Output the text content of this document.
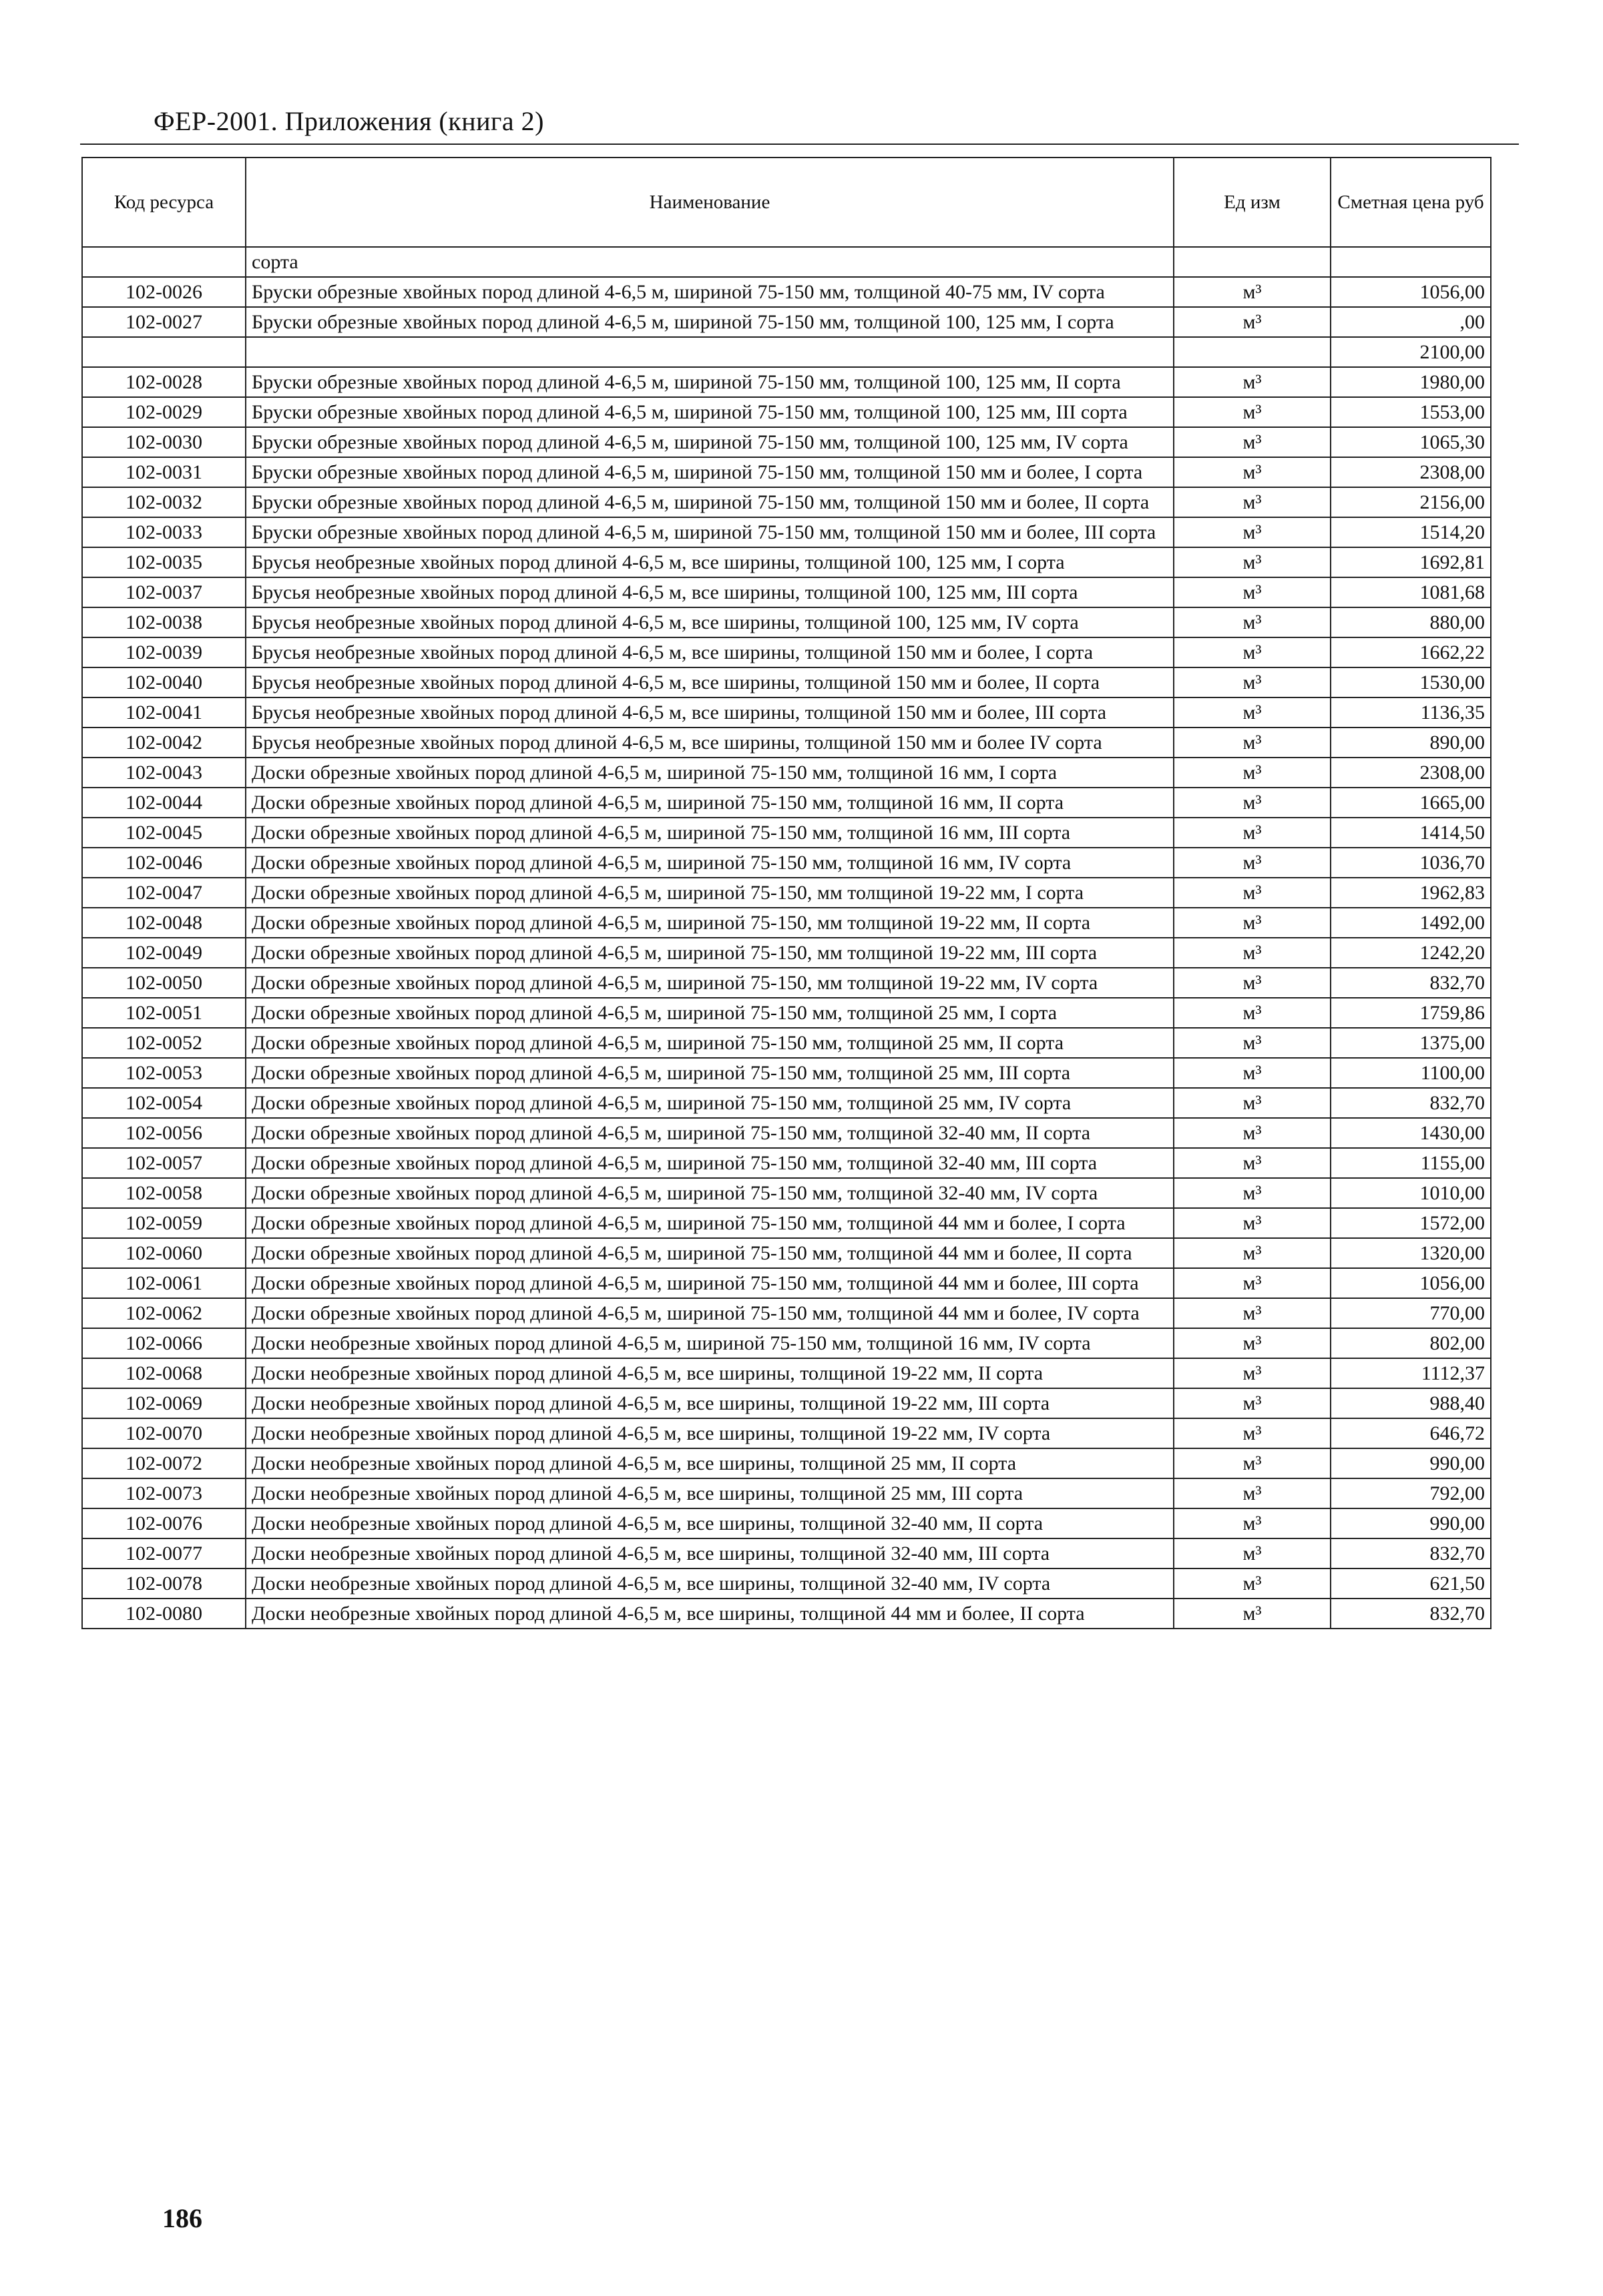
ФЕР-2001. Приложения (книга 2)
Код ресурса	Наименование	Ед изм	Сметная цена руб
	сорта		
102-0026	Бруски обрезные хвойных пород длиной 4-6,5 м, шириной 75-150 мм, толщиной 40-75 мм, IV сорта	м³	1056,00
102-0027	Бруски обрезные хвойных пород длиной 4-6,5 м, шириной 75-150 мм, толщиной 100, 125 мм, I сорта	м³	,00
			2100,00
102-0028	Бруски обрезные хвойных пород длиной 4-6,5 м, шириной 75-150 мм, толщиной 100, 125 мм, II сорта	м³	1980,00
102-0029	Бруски обрезные хвойных пород длиной 4-6,5 м, шириной 75-150 мм, толщиной 100, 125 мм, III сорта	м³	1553,00
102-0030	Бруски обрезные хвойных пород длиной 4-6,5 м, шириной 75-150 мм, толщиной 100, 125 мм, IV сорта	м³	1065,30
102-0031	Бруски обрезные хвойных пород длиной 4-6,5 м, шириной 75-150 мм, толщиной 150 мм и более, I сорта	м³	2308,00
102-0032	Бруски обрезные хвойных пород длиной 4-6,5 м, шириной 75-150 мм, толщиной 150 мм и более, II сорта	м³	2156,00
102-0033	Бруски обрезные хвойных пород длиной 4-6,5 м, шириной 75-150 мм, толщиной 150 мм и более, III сорта	м³	1514,20
102-0035	Брусья необрезные хвойных пород длиной 4-6,5 м, все ширины, толщиной 100, 125 мм, I сорта	м³	1692,81
102-0037	Брусья необрезные хвойных пород длиной 4-6,5 м, все ширины, толщиной 100, 125 мм, III сорта	м³	1081,68
102-0038	Брусья необрезные хвойных пород длиной 4-6,5 м, все ширины, толщиной 100, 125 мм, IV сорта	м³	880,00
102-0039	Брусья необрезные хвойных пород длиной 4-6,5 м, все ширины, толщиной 150 мм и более, I сорта	м³	1662,22
102-0040	Брусья необрезные хвойных пород длиной 4-6,5 м, все ширины, толщиной 150 мм и более, II сорта	м³	1530,00
102-0041	Брусья необрезные хвойных пород длиной 4-6,5 м, все ширины, толщиной 150 мм и более, III сорта	м³	1136,35
102-0042	Брусья необрезные хвойных пород длиной 4-6,5 м, все ширины, толщиной 150 мм и более IV сорта	м³	890,00
102-0043	Доски обрезные хвойных пород длиной 4-6,5 м, шириной 75-150 мм, толщиной 16 мм, I сорта	м³	2308,00
102-0044	Доски обрезные хвойных пород длиной 4-6,5 м, шириной 75-150 мм, толщиной 16 мм, II сорта	м³	1665,00
102-0045	Доски обрезные хвойных пород длиной 4-6,5 м, шириной 75-150 мм, толщиной 16 мм, III сорта	м³	1414,50
102-0046	Доски обрезные хвойных пород длиной 4-6,5 м, шириной 75-150 мм, толщиной 16 мм, IV сорта	м³	1036,70
102-0047	Доски обрезные хвойных пород длиной 4-6,5 м, шириной 75-150, мм толщиной 19-22 мм, I сорта	м³	1962,83
102-0048	Доски обрезные хвойных пород длиной 4-6,5 м, шириной 75-150, мм толщиной 19-22 мм, II сорта	м³	1492,00
102-0049	Доски обрезные хвойных пород длиной 4-6,5 м, шириной 75-150, мм толщиной 19-22 мм, III сорта	м³	1242,20
102-0050	Доски обрезные хвойных пород длиной 4-6,5 м, шириной 75-150, мм толщиной 19-22 мм, IV сорта	м³	832,70
102-0051	Доски обрезные хвойных пород длиной 4-6,5 м, шириной 75-150 мм, толщиной 25 мм, I сорта	м³	1759,86
102-0052	Доски обрезные хвойных пород длиной 4-6,5 м, шириной 75-150 мм, толщиной 25 мм, II сорта	м³	1375,00
102-0053	Доски обрезные хвойных пород длиной 4-6,5 м, шириной 75-150 мм, толщиной 25 мм, III сорта	м³	1100,00
102-0054	Доски обрезные хвойных пород длиной 4-6,5 м, шириной 75-150 мм, толщиной 25 мм, IV сорта	м³	832,70
102-0056	Доски обрезные хвойных пород длиной 4-6,5 м, шириной 75-150 мм, толщиной 32-40 мм, II сорта	м³	1430,00
102-0057	Доски обрезные хвойных пород длиной 4-6,5 м, шириной 75-150 мм, толщиной 32-40 мм, III сорта	м³	1155,00
102-0058	Доски обрезные хвойных пород длиной 4-6,5 м, шириной 75-150 мм, толщиной 32-40 мм, IV сорта	м³	1010,00
102-0059	Доски обрезные хвойных пород длиной 4-6,5 м, шириной 75-150 мм, толщиной 44 мм и более, I сорта	м³	1572,00
102-0060	Доски обрезные хвойных пород длиной 4-6,5 м, шириной 75-150 мм, толщиной 44 мм и более, II сорта	м³	1320,00
102-0061	Доски обрезные хвойных пород длиной 4-6,5 м, шириной 75-150 мм, толщиной 44 мм и более, III сорта	м³	1056,00
102-0062	Доски обрезные хвойных пород длиной 4-6,5 м, шириной 75-150 мм, толщиной 44 мм и более, IV сорта	м³	770,00
102-0066	Доски необрезные хвойных пород длиной 4-6,5 м, шириной 75-150 мм, толщиной 16 мм, IV сорта	м³	802,00
102-0068	Доски необрезные хвойных пород длиной 4-6,5 м, все ширины, толщиной 19-22 мм, II сорта	м³	1112,37
102-0069	Доски необрезные хвойных пород длиной 4-6,5 м, все ширины, толщиной 19-22 мм, III сорта	м³	988,40
102-0070	Доски необрезные хвойных пород длиной 4-6,5 м, все ширины, толщиной 19-22 мм, IV сорта	м³	646,72
102-0072	Доски необрезные хвойных пород длиной 4-6,5 м, все ширины, толщиной 25 мм, II сорта	м³	990,00
102-0073	Доски необрезные хвойных пород длиной 4-6,5 м, все ширины, толщиной 25 мм, III сорта	м³	792,00
102-0076	Доски необрезные хвойных пород длиной 4-6,5 м, все ширины, толщиной 32-40 мм, II сорта	м³	990,00
102-0077	Доски необрезные хвойных пород длиной 4-6,5 м, все ширины, толщиной 32-40 мм, III сорта	м³	832,70
102-0078	Доски необрезные хвойных пород длиной 4-6,5 м, все ширины, толщиной 32-40 мм, IV сорта	м³	621,50
102-0080	Доски необрезные хвойных пород длиной 4-6,5 м, все ширины, толщиной 44 мм и более, II сорта	м³	832,70
186
